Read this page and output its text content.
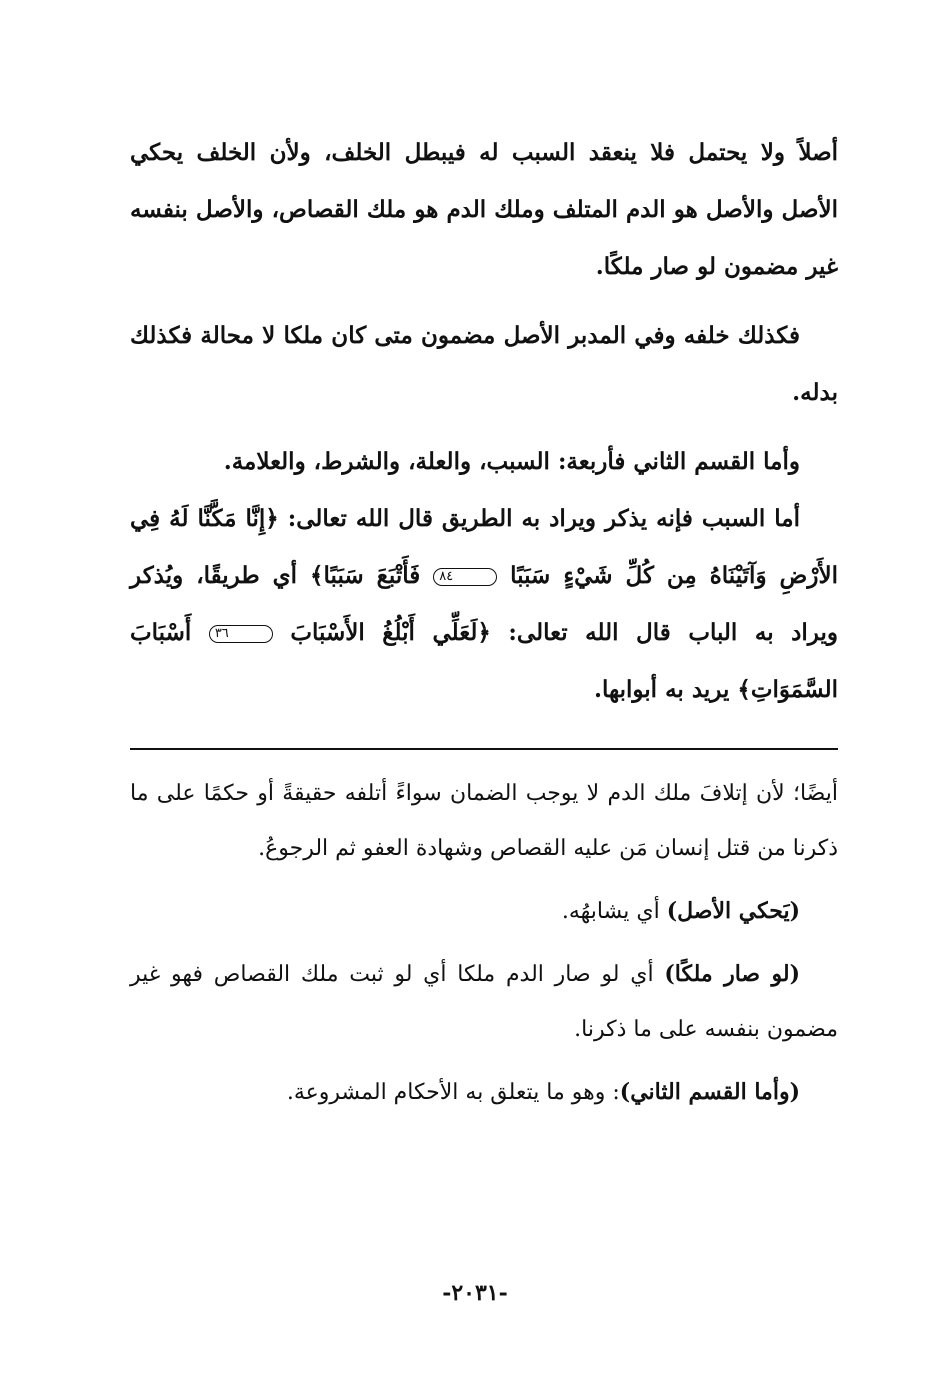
أصلاً ولا يحتمل فلا ينعقد السبب له فيبطل الخلف، ولأن الخلف يحكي الأصل والأصل هو الدم المتلف وملك الدم هو ملك القصاص، والأصل بنفسه غير مضمون لو صار ملكًا.

فكذلك خلفه وفي المدبر الأصل مضمون متى كان ملكا لا محالة فكذلك بدله.

وأما القسم الثاني فأربعة: السبب، والعلة، والشرط، والعلامة.

أما السبب فإنه يذكر ويراد به الطريق قال الله تعالى: ﴿إِنَّا مَكَّنَّا لَهُ فِي الأَرْضِ وَآتَيْنَاهُ مِن كُلِّ شَيْءٍ سَبَبًا ٨٤ فَأَتْبَعَ سَبَبًا﴾ أي طريقًا، ويُذكر ويراد به الباب قال الله تعالى: ﴿لَعَلِّي أَبْلُغُ الأَسْبَابَ ٣٦ أَسْبَابَ السَّمَوَاتِ﴾ يريد به أبوابها.

أيضًا؛ لأن إتلافَ ملك الدم لا يوجب الضمان سواءً أتلفه حقيقةً أو حكمًا على ما ذكرنا من قتل إنسان مَن عليه القصاص وشهادة العفو ثم الرجوعُ.

(يَحكي الأصل) أي يشابهُه.

(لو صار ملكًا) أي لو صار الدم ملكا أي لو ثبت ملك القصاص فهو غير مضمون بنفسه على ما ذكرنا.

(وأما القسم الثاني): وهو ما يتعلق به الأحكام المشروعة.

-٢٠٣١-
